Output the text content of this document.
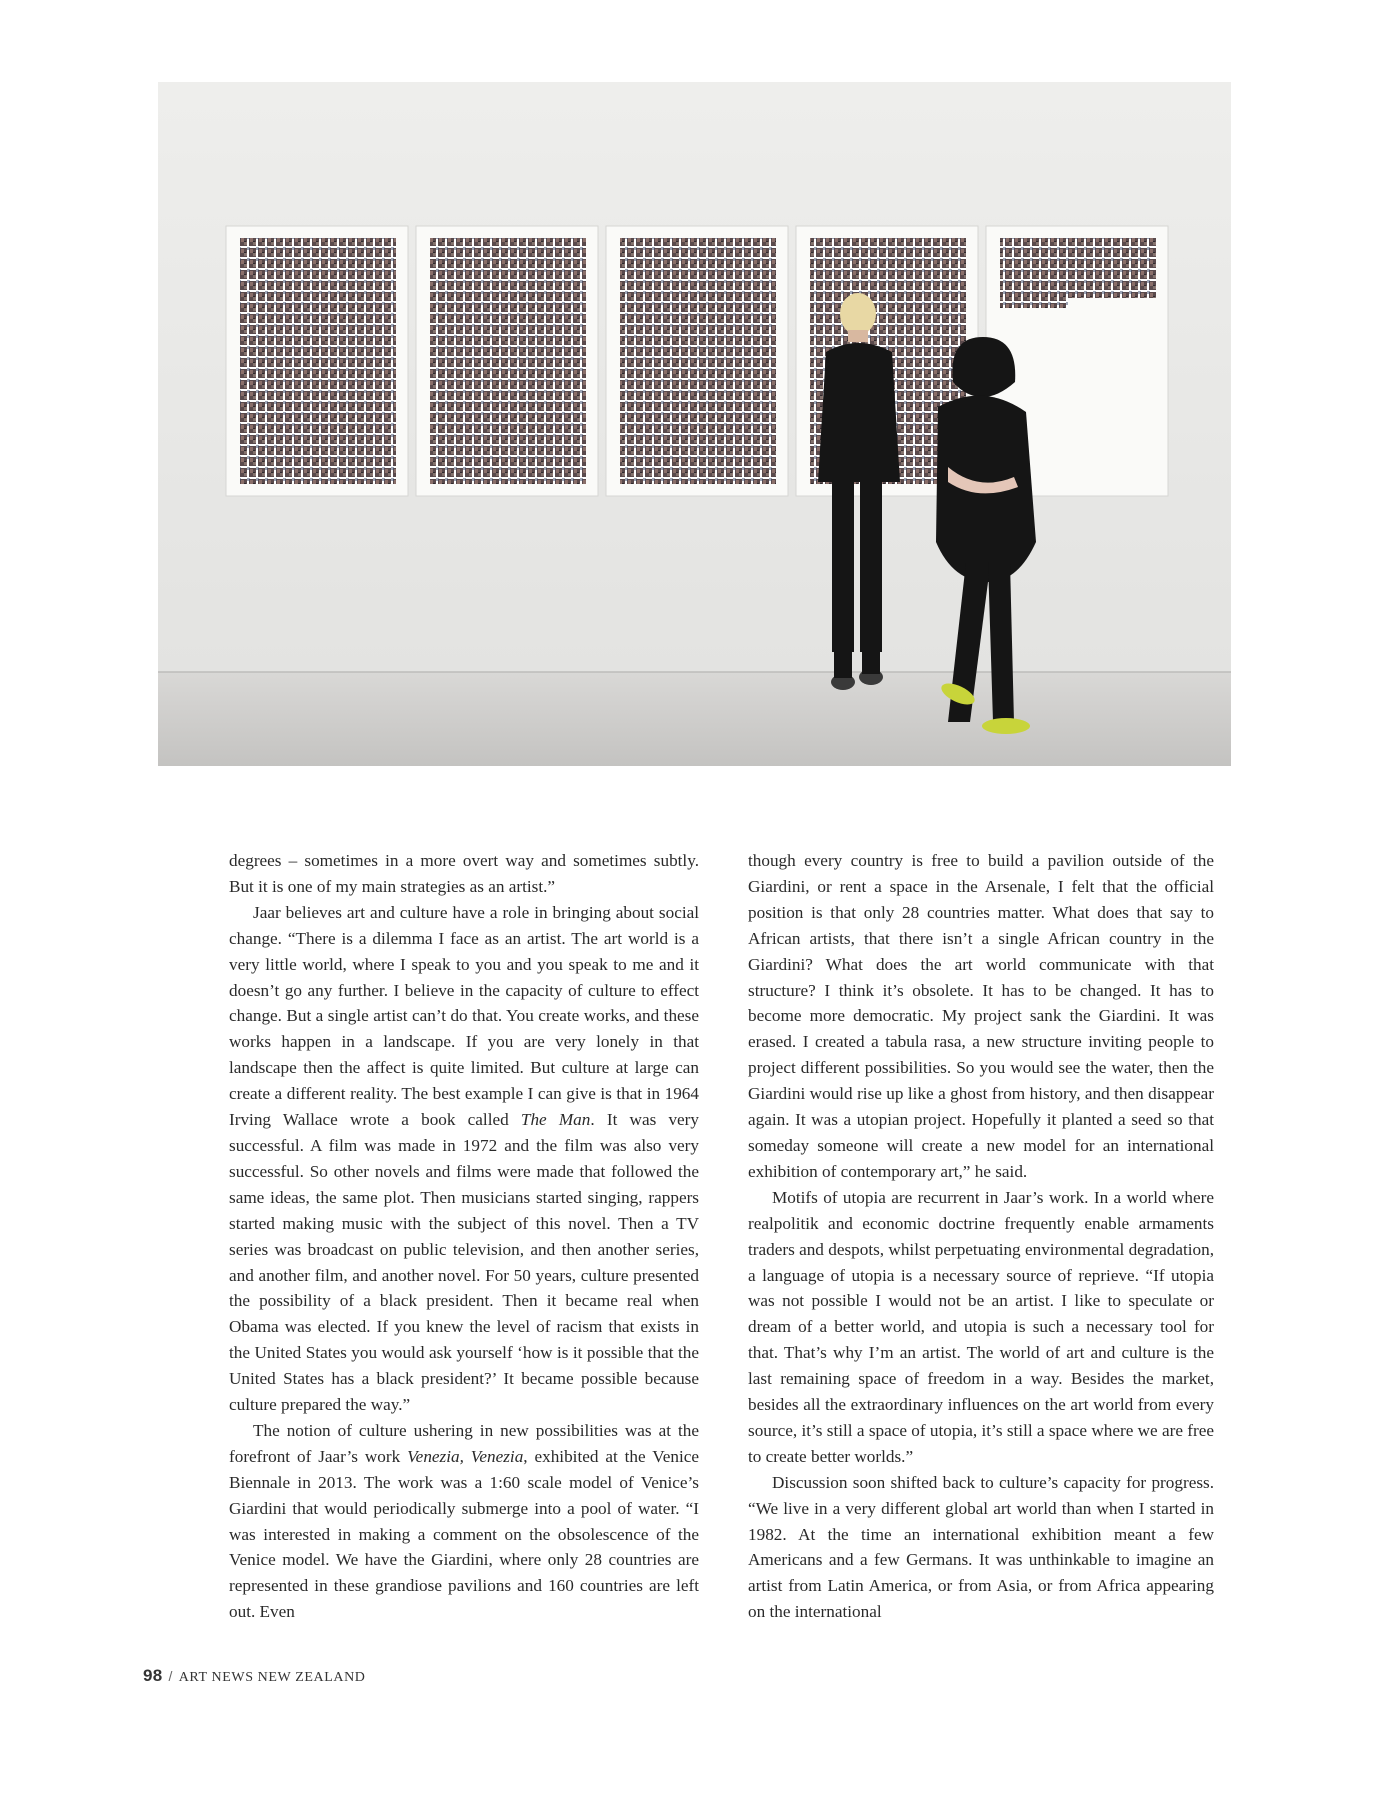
degrees – sometimes in a more overt way and sometimes subtly. But it is one of my main strategies as an artist.”

Jaar believes art and culture have a role in bringing about social change. “There is a dilemma I face as an artist. The art world is a very little world, where I speak to you and you speak to me and it doesn’t go any further. I believe in the capacity of culture to effect change. But a single artist can’t do that. You create works, and these works happen in a landscape. If you are very lonely in that landscape then the affect is quite limited. But culture at large can create a different reality. The best example I can give is that in 1964 Irving Wallace wrote a book called The Man. It was very successful. A film was made in 1972 and the film was also very successful. So other novels and films were made that followed the same ideas, the same plot. Then musicians started singing, rappers started making music with the subject of this novel. Then a TV series was broadcast on public television, and then another series, and another film, and another novel. For 50 years, culture presented the possibility of a black president. Then it became real when Obama was elected. If you knew the level of racism that exists in the United States you would ask yourself ‘how is it possible that the United States has a black president?’ It became possible because culture prepared the way.”

The notion of culture ushering in new possibilities was at the forefront of Jaar’s work Venezia, Venezia, exhibited at the Venice Biennale in 2013. The work was a 1:60 scale model of Venice’s Giardini that would periodically submerge into a pool of water. “I was interested in making a comment on the obsolescence of the Venice model. We have the Giardini, where only 28 countries are represented in these grandiose pavilions and 160 countries are left out. Even

though every country is free to build a pavilion outside of the Giardini, or rent a space in the Arsenale, I felt that the official position is that only 28 countries matter. What does that say to African artists, that there isn’t a single African country in the Giardini? What does the art world communicate with that structure? I think it’s obsolete. It has to be changed. It has to become more democratic. My project sank the Giardini. It was erased. I created a tabula rasa, a new structure inviting people to project different possibilities. So you would see the water, then the Giardini would rise up like a ghost from history, and then disappear again. It was a utopian project. Hopefully it planted a seed so that someday someone will create a new model for an international exhibition of contemporary art,” he said.

Motifs of utopia are recurrent in Jaar’s work. In a world where realpolitik and economic doctrine frequently enable armaments traders and despots, whilst perpetuating environmental degradation, a language of utopia is a necessary source of reprieve. “If utopia was not possible I would not be an artist. I like to speculate or dream of a better world, and utopia is such a necessary tool for that. That’s why I’m an artist. The world of art and culture is the last remaining space of freedom in a way. Besides the market, besides all the extraordinary influences on the art world from every source, it’s still a space of utopia, it’s still a space where we are free to create better worlds.”

Discussion soon shifted back to culture’s capacity for progress. “We live in a very different global art world than when I started in 1982. At the time an international exhibition meant a few Americans and a few Germans. It was unthinkable to imagine an artist from Latin America, or from Asia, or from Africa appearing on the international

98 / ART NEWS NEW ZEALAND
